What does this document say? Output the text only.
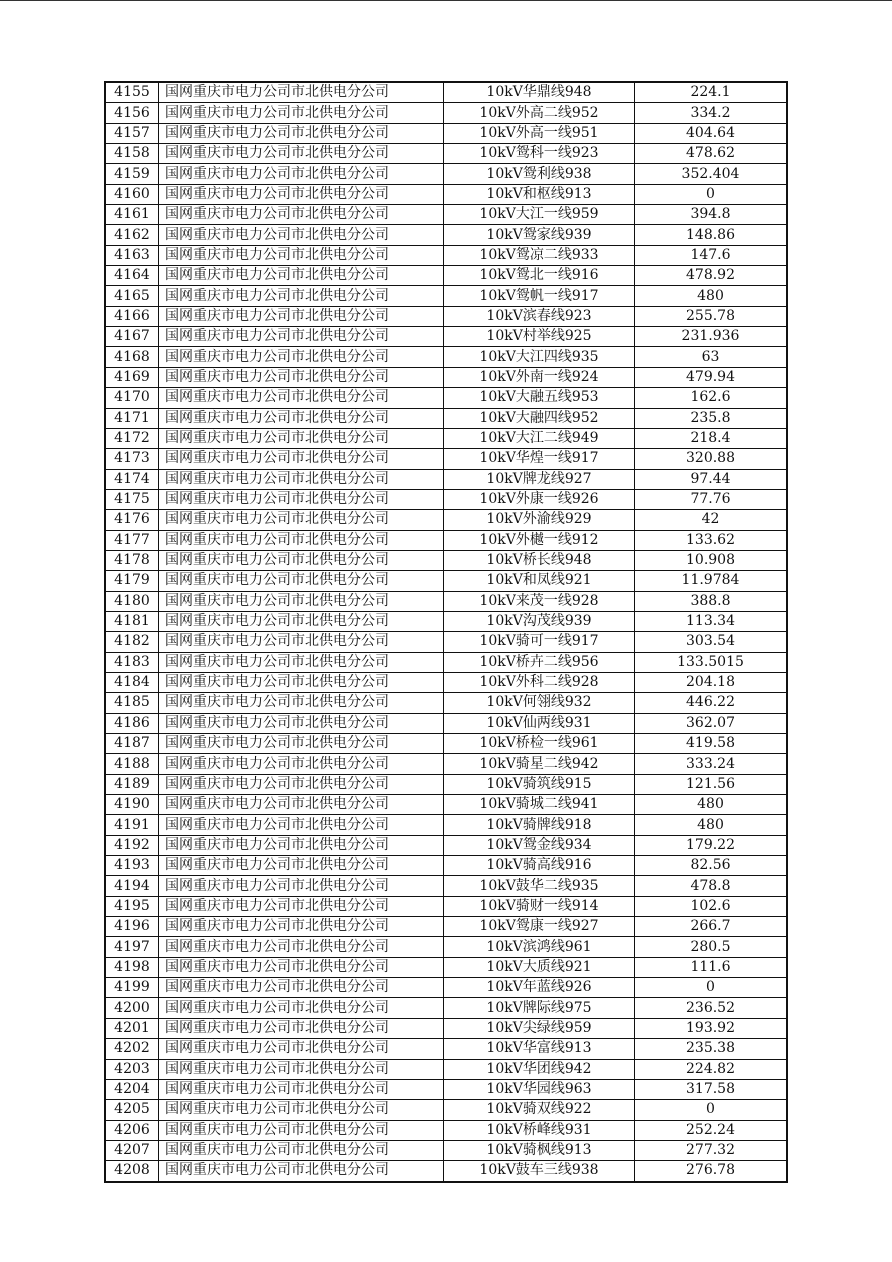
4155	国网重庆市电力公司市北供电分公司	10kV华鼎线948	224.1
4156	国网重庆市电力公司市北供电分公司	10kV外高二线952	334.2
4157	国网重庆市电力公司市北供电分公司	10kV外高一线951	404.64
4158	国网重庆市电力公司市北供电分公司	10kV鸳科一线923	478.62
4159	国网重庆市电力公司市北供电分公司	10kV鸳利线938	352.404
4160	国网重庆市电力公司市北供电分公司	10kV和枢线913	0
4161	国网重庆市电力公司市北供电分公司	10kV大江一线959	394.8
4162	国网重庆市电力公司市北供电分公司	10kV鸳家线939	148.86
4163	国网重庆市电力公司市北供电分公司	10kV鸳凉二线933	147.6
4164	国网重庆市电力公司市北供电分公司	10kV鸳北一线916	478.92
4165	国网重庆市电力公司市北供电分公司	10kV鸳帆一线917	480
4166	国网重庆市电力公司市北供电分公司	10kV滨春线923	255.78
4167	国网重庆市电力公司市北供电分公司	10kV村举线925	231.936
4168	国网重庆市电力公司市北供电分公司	10kV大江四线935	63
4169	国网重庆市电力公司市北供电分公司	10kV外南一线924	479.94
4170	国网重庆市电力公司市北供电分公司	10kV大融五线953	162.6
4171	国网重庆市电力公司市北供电分公司	10kV大融四线952	235.8
4172	国网重庆市电力公司市北供电分公司	10kV大江二线949	218.4
4173	国网重庆市电力公司市北供电分公司	10kV华煌一线917	320.88
4174	国网重庆市电力公司市北供电分公司	10kV牌龙线927	97.44
4175	国网重庆市电力公司市北供电分公司	10kV外康一线926	77.76
4176	国网重庆市电力公司市北供电分公司	10kV外渝线929	42
4177	国网重庆市电力公司市北供电分公司	10kV外樾一线912	133.62
4178	国网重庆市电力公司市北供电分公司	10kV桥长线948	10.908
4179	国网重庆市电力公司市北供电分公司	10kV和凤线921	11.9784
4180	国网重庆市电力公司市北供电分公司	10kV来茂一线928	388.8
4181	国网重庆市电力公司市北供电分公司	10kV沟茂线939	113.34
4182	国网重庆市电力公司市北供电分公司	10kV骑可一线917	303.54
4183	国网重庆市电力公司市北供电分公司	10kV桥卉二线956	133.5015
4184	国网重庆市电力公司市北供电分公司	10kV外科二线928	204.18
4185	国网重庆市电力公司市北供电分公司	10kV何翎线932	446.22
4186	国网重庆市电力公司市北供电分公司	10kV仙两线931	362.07
4187	国网重庆市电力公司市北供电分公司	10kV桥检一线961	419.58
4188	国网重庆市电力公司市北供电分公司	10kV骑星二线942	333.24
4189	国网重庆市电力公司市北供电分公司	10kV骑筑线915	121.56
4190	国网重庆市电力公司市北供电分公司	10kV骑城二线941	480
4191	国网重庆市电力公司市北供电分公司	10kV骑牌线918	480
4192	国网重庆市电力公司市北供电分公司	10kV鸳金线934	179.22
4193	国网重庆市电力公司市北供电分公司	10kV骑高线916	82.56
4194	国网重庆市电力公司市北供电分公司	10kV鼓华二线935	478.8
4195	国网重庆市电力公司市北供电分公司	10kV骑财一线914	102.6
4196	国网重庆市电力公司市北供电分公司	10kV鸳康一线927	266.7
4197	国网重庆市电力公司市北供电分公司	10kV滨鸿线961	280.5
4198	国网重庆市电力公司市北供电分公司	10kV大质线921	111.6
4199	国网重庆市电力公司市北供电分公司	10kV年蓝线926	0
4200	国网重庆市电力公司市北供电分公司	10kV牌际线975	236.52
4201	国网重庆市电力公司市北供电分公司	10kV尖绿线959	193.92
4202	国网重庆市电力公司市北供电分公司	10kV华富线913	235.38
4203	国网重庆市电力公司市北供电分公司	10kV华团线942	224.82
4204	国网重庆市电力公司市北供电分公司	10kV华园线963	317.58
4205	国网重庆市电力公司市北供电分公司	10kV骑双线922	0
4206	国网重庆市电力公司市北供电分公司	10kV桥峰线931	252.24
4207	国网重庆市电力公司市北供电分公司	10kV骑枫线913	277.32
4208	国网重庆市电力公司市北供电分公司	10kV鼓车三线938	276.78
